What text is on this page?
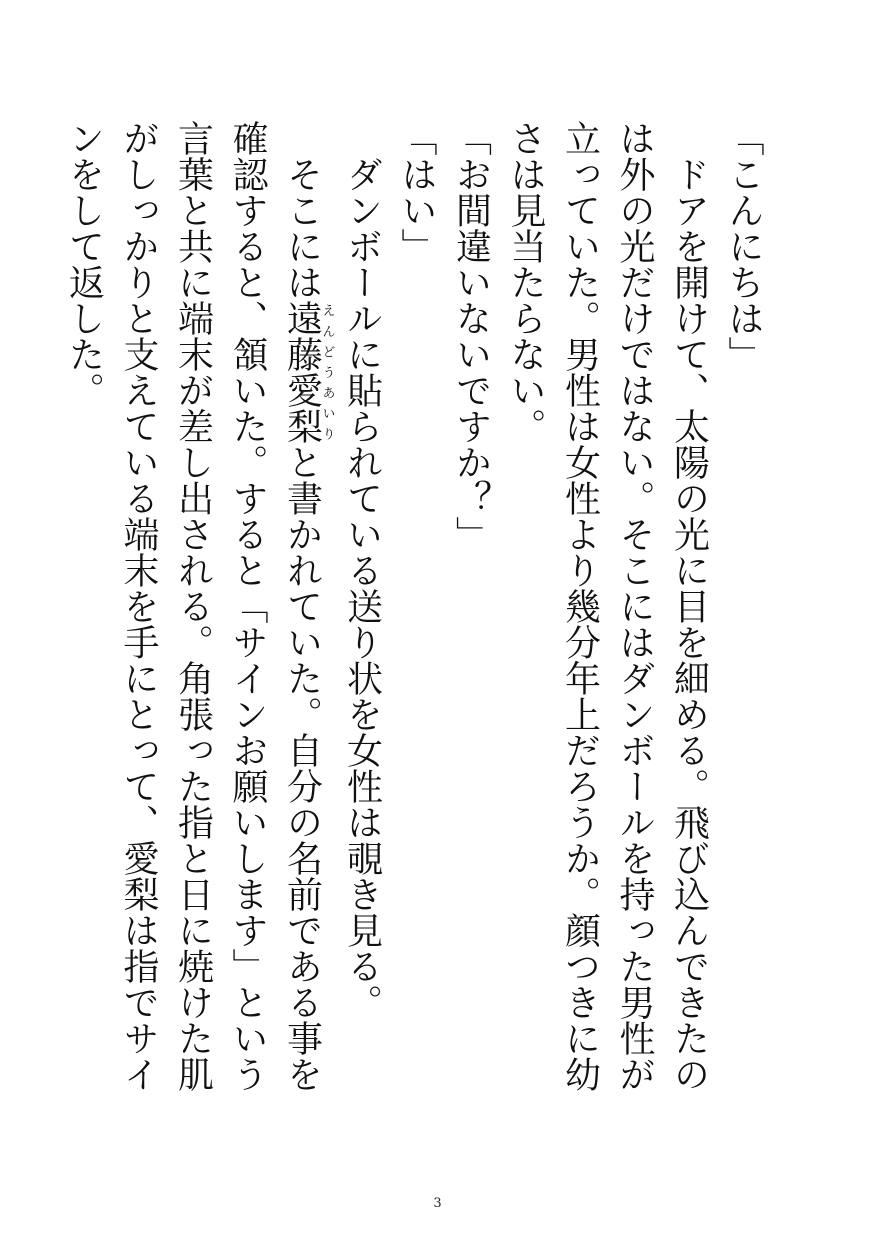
「こんにちは」

ドアを開けて、太陽の光に目を細める。飛び込んできたのは外の光だけではない。そこにはダンボールを持った男性が立っていた。男性は女性より幾分年上だろうか。顔つきに幼さは見当たらない。

「お間違いないですか？」

「はい」

ダンボールに貼られている送り状を女性は覗き見る。

そこには遠藤愛梨えんどうあいりと書かれていた。自分の名前である事を確認すると、頷いた。すると「サインお願いします」という言葉と共に端末が差し出される。角張った指と日に焼けた肌がしっかりと支えている端末を手にとって、愛梨は指でサインをして返した。

3
